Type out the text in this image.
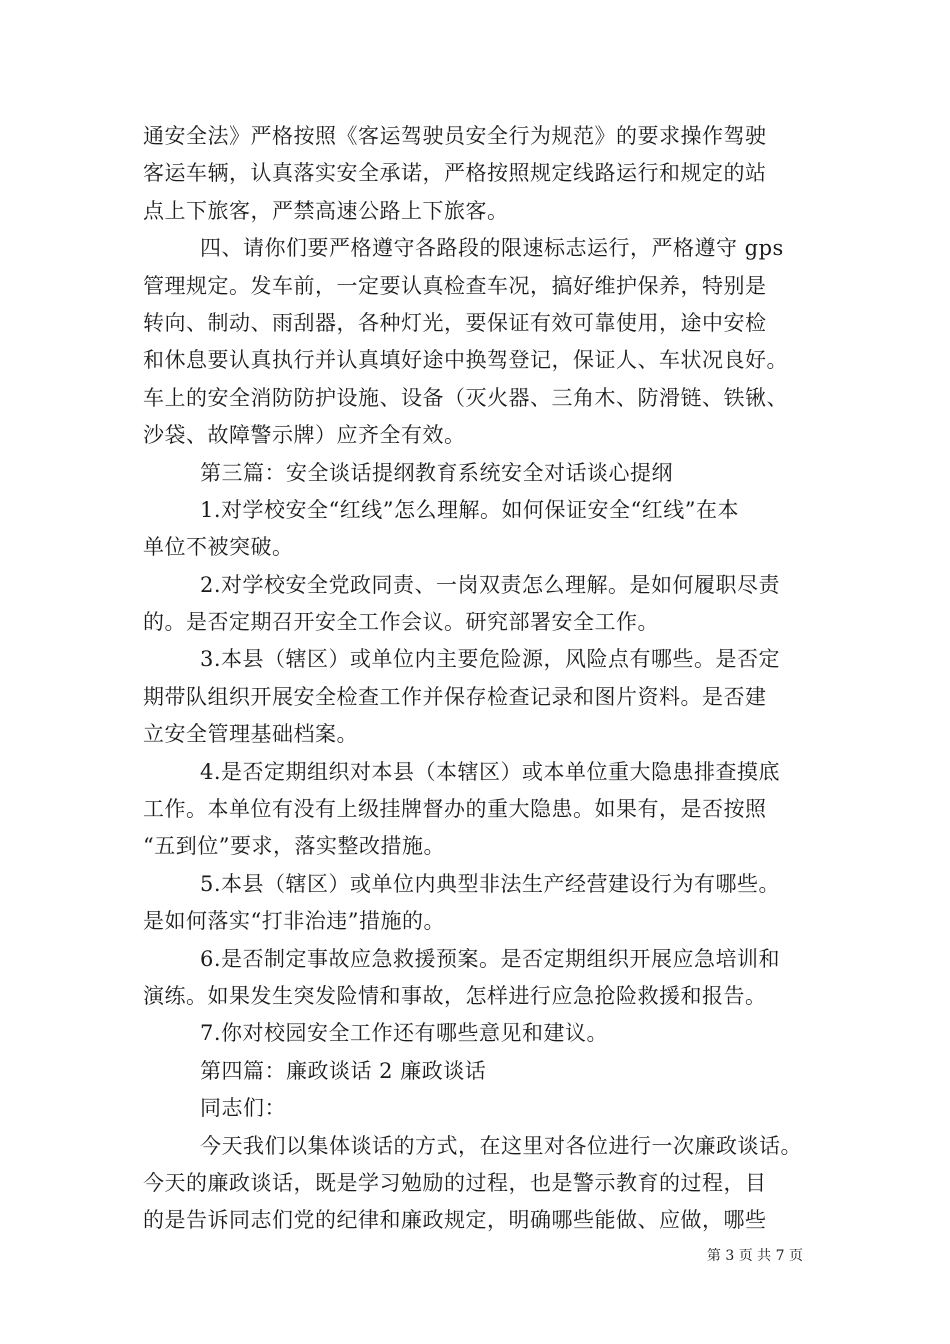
通安全法》严格按照《客运驾驶员安全行为规范》的要求操作驾驶
客运车辆，认真落实安全承诺，严格按照规定线路运行和规定的站
点上下旅客，严禁高速公路上下旅客。
四、请你们要严格遵守各路段的限速标志运行，严格遵守 gps
管理规定。发车前，一定要认真检查车况，搞好维护保养，特别是
转向、制动、雨刮器，各种灯光，要保证有效可靠使用，途中安检
和休息要认真执行并认真填好途中换驾登记，保证人、车状况良好。
车上的安全消防防护设施、设备（灭火器、三角木、防滑链、铁锹、
沙袋、故障警示牌）应齐全有效。
第三篇：安全谈话提纲教育系统安全对话谈心提纲
1.对学校安全“红线”怎么理解。如何保证安全“红线”在本
单位不被突破。
2.对学校安全党政同责、一岗双责怎么理解。是如何履职尽责
的。是否定期召开安全工作会议。研究部署安全工作。
3.本县（辖区）或单位内主要危险源，风险点有哪些。是否定
期带队组织开展安全检查工作并保存检查记录和图片资料。是否建
立安全管理基础档案。
4.是否定期组织对本县（本辖区）或本单位重大隐患排查摸底
工作。本单位有没有上级挂牌督办的重大隐患。如果有，是否按照
“五到位”要求，落实整改措施。
5.本县（辖区）或单位内典型非法生产经营建设行为有哪些。
是如何落实“打非治违”措施的。
6.是否制定事故应急救援预案。是否定期组织开展应急培训和
演练。如果发生突发险情和事故，怎样进行应急抢险救援和报告。
7.你对校园安全工作还有哪些意见和建议。
第四篇：廉政谈话 2 廉政谈话
同志们：
今天我们以集体谈话的方式，在这里对各位进行一次廉政谈话。
今天的廉政谈话，既是学习勉励的过程，也是警示教育的过程，目
的是告诉同志们党的纪律和廉政规定，明确哪些能做、应做，哪些
第 3 页 共 7 页
